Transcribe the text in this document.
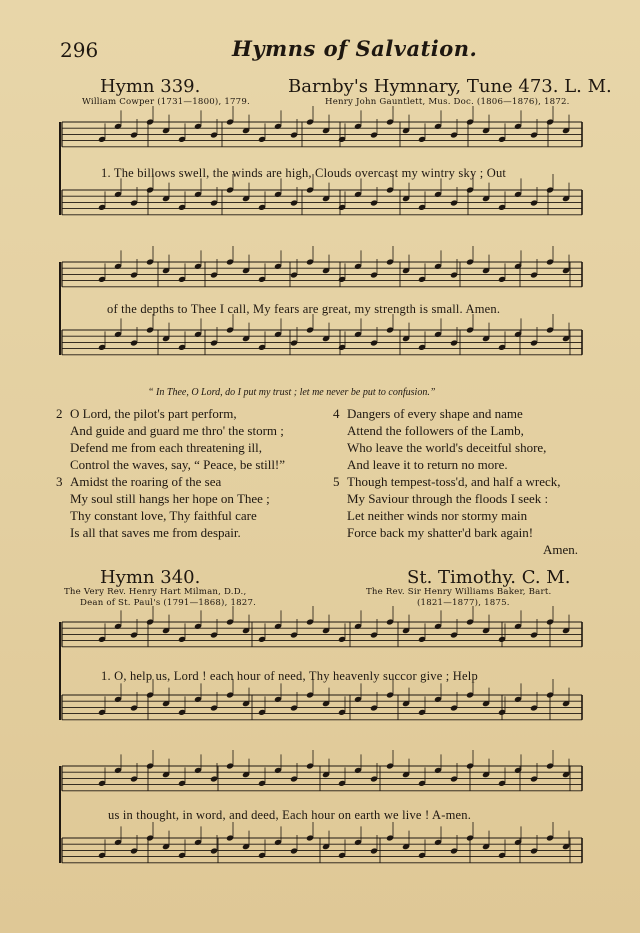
296	Hymns of Salvation.
Hymn 339.	Barnby's Hymnary, Tune 473. L. M.
William Cowper (1731—1800), 1779.	Henry John Gauntlett, Mus. Doc. (1806—1876), 1872.
1. The billows swell, the winds are high, Clouds overcast my wintry sky ; Out
of the depths to Thee I call, My fears are great, my strength is small. Amen.
“ In Thee, O Lord, do I put my trust ; let me never be put to confusion.”
2 O Lord, the pilot's part perform,
And guide and guard me thro' the storm ;
Defend me from each threatening ill,
Control the waves, say, “ Peace, be still!”
3 Amidst the roaring of the sea
My soul still hangs her hope on Thee ;
Thy constant love, Thy faithful care
Is all that saves me from despair.
4 Dangers of every shape and name
Attend the followers of the Lamb,
Who leave the world's deceitful shore,
And leave it to return no more.
5 Though tempest-toss'd, and half a wreck,
My Saviour through the floods I seek :
Let neither winds nor stormy main
Force back my shatter'd bark again!
Amen.
Hymn 340.	St. Timothy. C. M.
The Very Rev. Henry Hart Milman, D.D.,
Dean of St. Paul's (1791—1868), 1827.
The Rev. Sir Henry Williams Baker, Bart.
(1821—1877), 1875.
1. O, help us, Lord ! each hour of need, Thy heavenly succor give ; Help
us in thought, in word, and deed, Each hour on earth we live ! A-men.
